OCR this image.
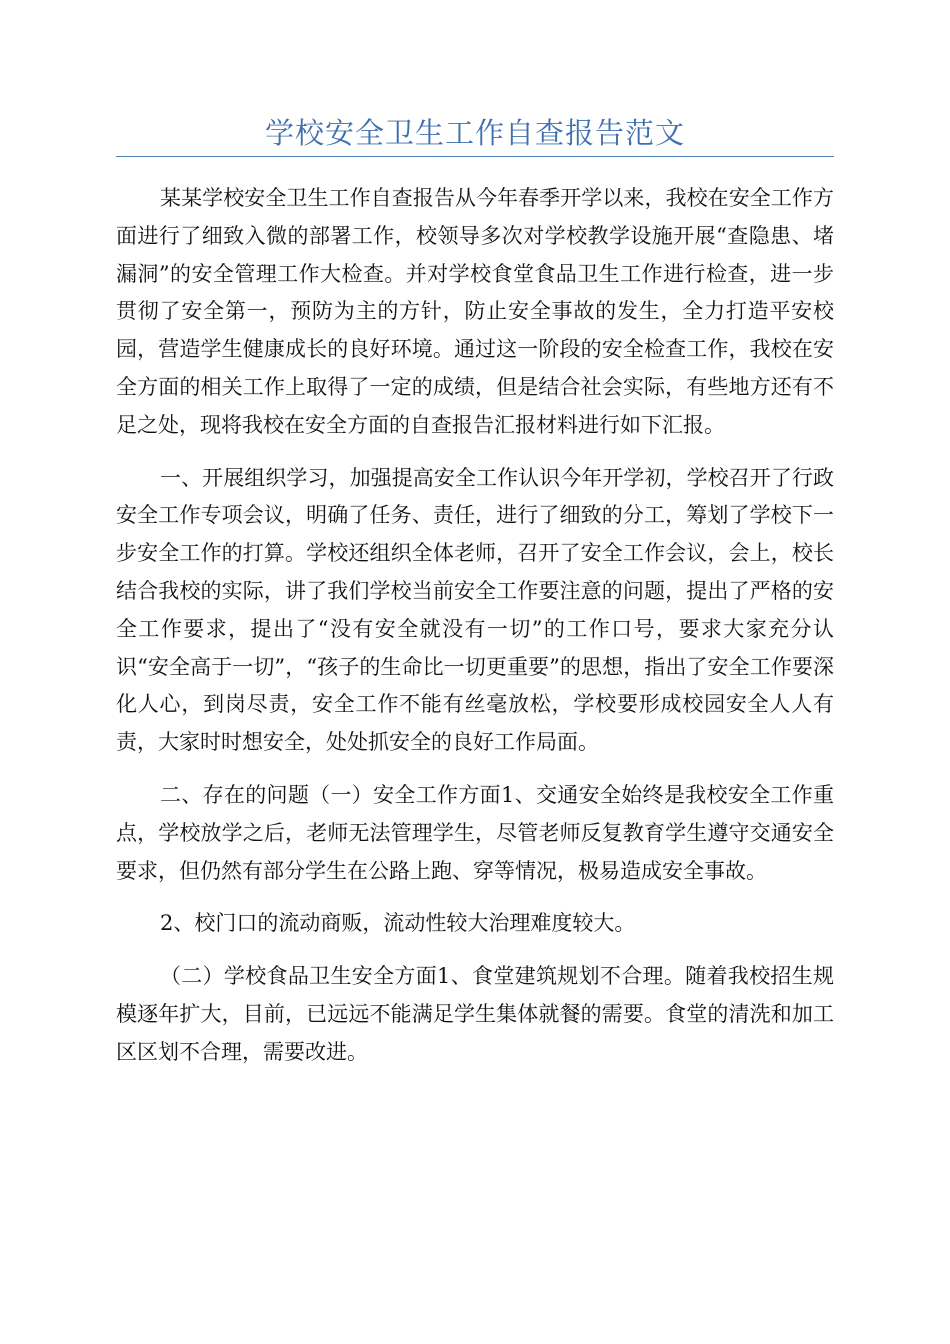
学校安全卫生工作自查报告范文

某某学校安全卫生工作自查报告从今年春季开学以来，我校在安全工作方面进行了细致入微的部署工作，校领导多次对学校教学设施开展“查隐患、堵漏洞”的安全管理工作大检查。并对学校食堂食品卫生工作进行检查，进一步贯彻了安全第一，预防为主的方针，防止安全事故的发生，全力打造平安校园，营造学生健康成长的良好环境。通过这一阶段的安全检查工作，我校在安全方面的相关工作上取得了一定的成绩，但是结合社会实际，有些地方还有不足之处，现将我校在安全方面的自查报告汇报材料进行如下汇报。

一、开展组织学习，加强提高安全工作认识今年开学初，学校召开了行政安全工作专项会议，明确了任务、责任，进行了细致的分工，筹划了学校下一步安全工作的打算。学校还组织全体老师，召开了安全工作会议，会上，校长结合我校的实际，讲了我们学校当前安全工作要注意的问题，提出了严格的安全工作要求，提出了“没有安全就没有一切”的工作口号，要求大家充分认识“安全高于一切”，“孩子的生命比一切更重要”的思想，指出了安全工作要深化人心，到岗尽责，安全工作不能有丝毫放松，学校要形成校园安全人人有责，大家时时想安全，处处抓安全的良好工作局面。

二、存在的问题（一）安全工作方面1、交通安全始终是我校安全工作重点，学校放学之后，老师无法管理学生，尽管老师反复教育学生遵守交通安全要求，但仍然有部分学生在公路上跑、穿等情况，极易造成安全事故。

2、校门口的流动商贩，流动性较大治理难度较大。

（二）学校食品卫生安全方面1、食堂建筑规划不合理。随着我校招生规模逐年扩大，目前，已远远不能满足学生集体就餐的需要。食堂的清洗和加工区区划不合理，需要改进。
